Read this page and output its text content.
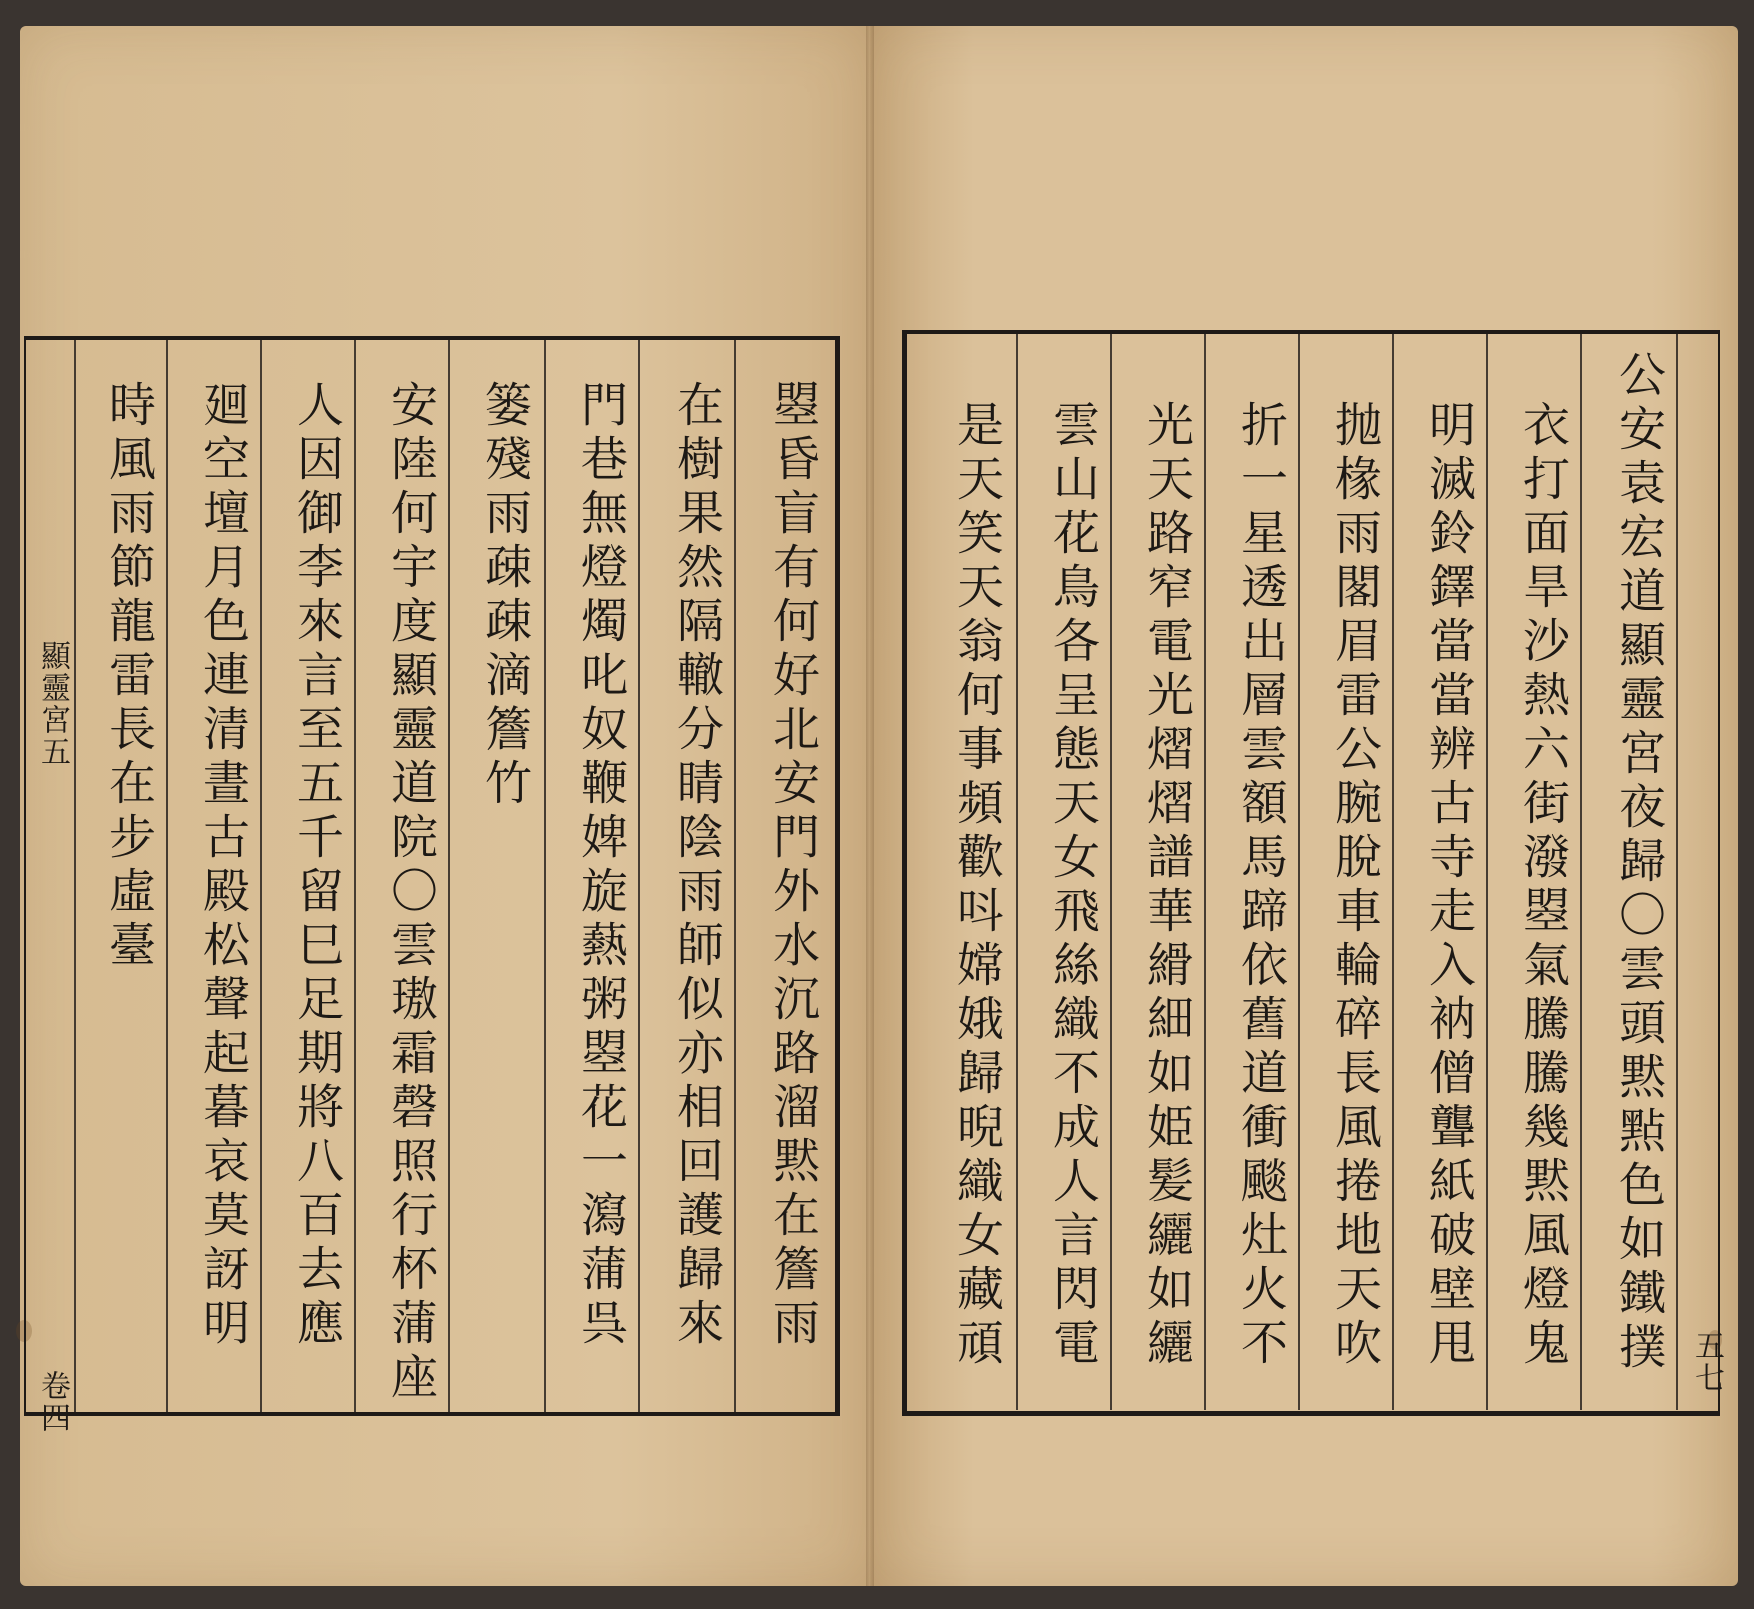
顯靈宮五
卷四
曌昏盲有何好北安門外水沉路溜黙在簷雨
在樹果然隔轍分睛陰雨師似亦相回護歸來
門巷無燈燭叱奴鞭婢旋爇粥曌花一瀉蒲呉
篓殘雨疎疎滴簷竹
安陸何宇度顯靈道院〇雲璈霜磬照行杯蒲座
人因御李來言至五千留巳足期將八百去應
廻空壇月色連清晝古殿松聲起暮哀莫訝明
時風雨節龍雷長在步虛臺
五七
公安袁宏道顯靈宮夜歸〇雲頭黙㸃色如鐵撲
衣打面旱沙熱六街潑曌氣騰騰幾黙風燈鬼
明滅鈴鐸當當辨古寺走入衲僧聾紙破壁甩
抛椽雨閣眉雷公腕脫車輪碎長風捲地天吹
折一星透出層雲額馬蹄依舊道衝颷灶火不
光天路窄電光熠熠譜華縎細如姫髪纚如纚
雲山花鳥各呈態天女飛絲織不成人言閃電
是天笑天翁何事頻歡呌嫦娥歸晲織女藏頑
